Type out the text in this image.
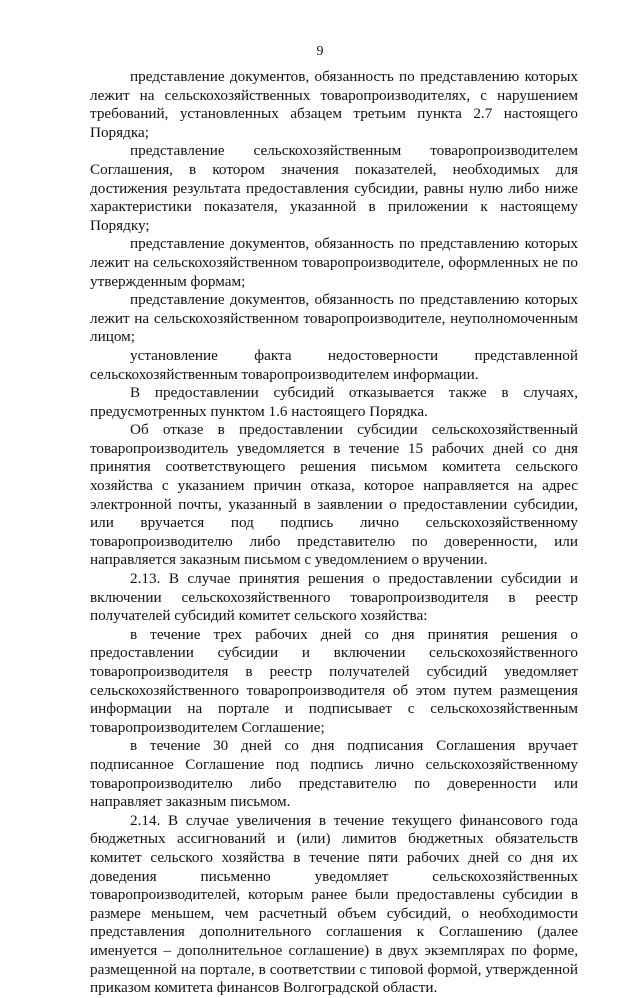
9

представление документов, обязанность по представлению которых лежит на сельскохозяйственных товаропроизводителях, с нарушением требований, установленных абзацем третьим пункта 2.7 настоящего Порядка;

представление сельскохозяйственным товаропроизводителем Соглашения, в котором значения показателей, необходимых для достижения результата предоставления субсидии, равны нулю либо ниже характеристики показателя, указанной в приложении к настоящему Порядку;

представление документов, обязанность по представлению которых лежит на сельскохозяйственном товаропроизводителе, оформленных не по утвержденным формам;

представление документов, обязанность по представлению которых лежит на сельскохозяйственном товаропроизводителе, неуполномоченным лицом;

установление факта недостоверности представленной сельскохозяйственным товаропроизводителем информации.

В предоставлении субсидий отказывается также в случаях, предусмотренных пунктом 1.6 настоящего Порядка.

Об отказе в предоставлении субсидии сельскохозяйственный товаропроизводитель уведомляется в течение 15 рабочих дней со дня принятия соответствующего решения письмом комитета сельского хозяйства с указанием причин отказа, которое направляется на адрес электронной почты, указанный в заявлении о предоставлении субсидии, или вручается под подпись лично сельскохозяйственному товаропроизводителю либо представителю по доверенности, или направляется заказным письмом с уведомлением о вручении.

2.13. В случае принятия решения о предоставлении субсидии и включении сельскохозяйственного товаропроизводителя в реестр получателей субсидий комитет сельского хозяйства:

в течение трех рабочих дней со дня принятия решения о предоставлении субсидии и включении сельскохозяйственного товаропроизводителя в реестр получателей субсидий уведомляет сельскохозяйственного товаропроизводителя об этом путем размещения информации на портале и подписывает с сельскохозяйственным товаропроизводителем Соглашение;

в течение 30 дней со дня подписания Соглашения вручает подписанное Соглашение под подпись лично сельскохозяйственному товаропроизводителю либо представителю по доверенности или направляет заказным письмом.

2.14. В случае увеличения в течение текущего финансового года бюджетных ассигнований и (или) лимитов бюджетных обязательств комитет сельского хозяйства в течение пяти рабочих дней со дня их доведения письменно уведомляет сельскохозяйственных товаропроизводителей, которым ранее были предоставлены субсидии в размере меньшем, чем расчетный объем субсидий, о необходимости представления дополнительного соглашения к Соглашению (далее именуется – дополнительное соглашение) в двух экземплярах по форме, размещенной на портале, в соответствии с типовой формой, утвержденной приказом комитета финансов Волгоградской области.
